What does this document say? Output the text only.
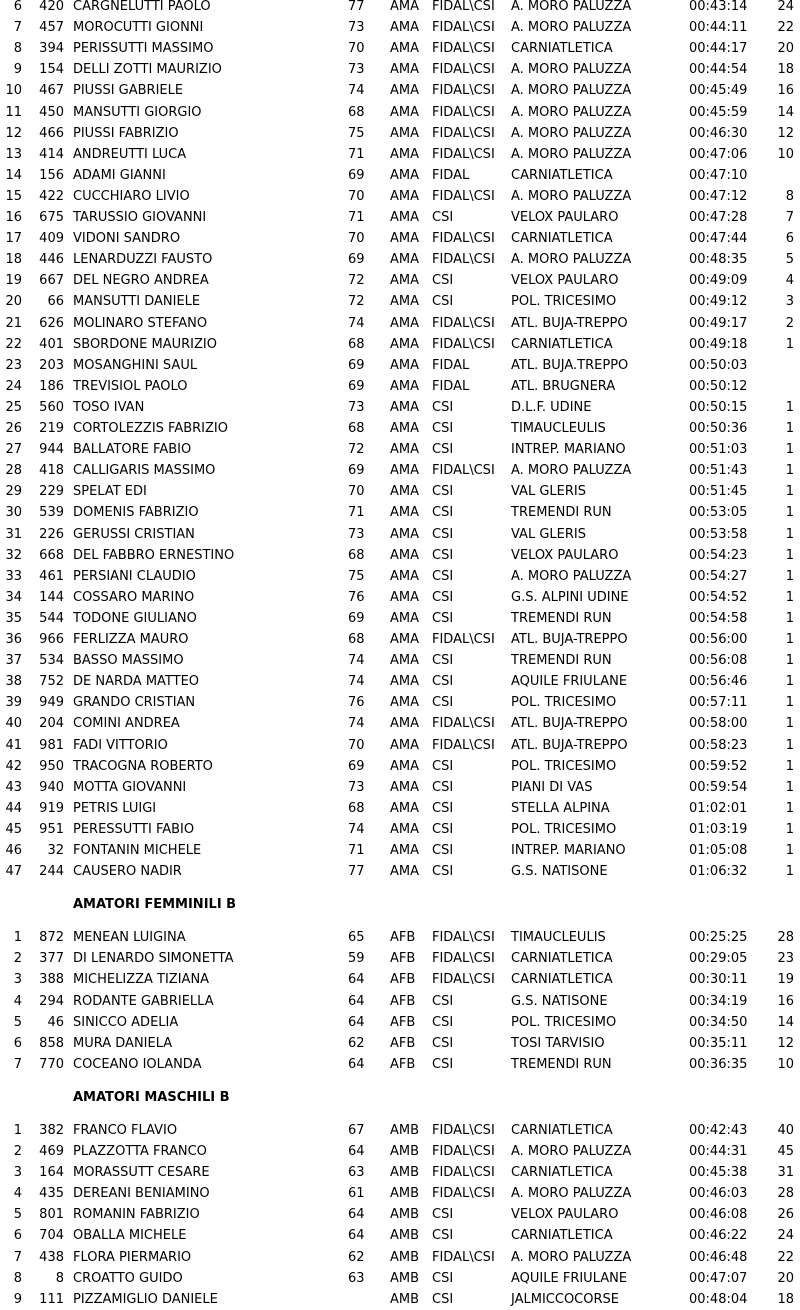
6 420 CARGNELUTTI PAOLO	77 AMA FIDAL\CSI A. MORO PALUZZA	00:43:14 24
7 457 MOROCUTTI GIONNI	73 AMA FIDAL\CSI A. MORO PALUZZA	00:44:11 22
8 394 PERISSUTTI MASSIMO	70 AMA FIDAL\CSI CARNIATLETICA	00:44:17 20
9 154 DELLI ZOTTI MAURIZIO	73 AMA FIDAL\CSI A. MORO PALUZZA	00:44:54 18
10 467 PIUSSI GABRIELE	74 AMA FIDAL\CSI A. MORO PALUZZA	00:45:49 16
11 450 MANSUTTI GIORGIO	68 AMA FIDAL\CSI A. MORO PALUZZA	00:45:59 14
12 466 PIUSSI FABRIZIO	75 AMA FIDAL\CSI A. MORO PALUZZA	00:46:30 12
13 414 ANDREUTTI LUCA	71 AMA FIDAL\CSI A. MORO PALUZZA	00:47:06 10
14 156 ADAMI GIANNI	69 AMA FIDAL	CARNIATLETICA	00:47:10
15 422 CUCCHIARO LIVIO	70 AMA FIDAL\CSI A. MORO PALUZZA	00:47:12	8
16 675 TARUSSIO GIOVANNI	71 AMA CSI	VELOX PAULARO	00:47:28	7
17 409 VIDONI SANDRO	70 AMA FIDAL\CSI CARNIATLETICA	00:47:44	6
18 446 LENARDUZZI FAUSTO	69 AMA FIDAL\CSI A. MORO PALUZZA	00:48:35	5
19 667 DEL NEGRO ANDREA	72 AMA CSI	VELOX PAULARO	00:49:09	4
20 66 MANSUTTI DANIELE	72 AMA CSI	POL. TRICESIMO	00:49:12	3
21 626 MOLINARO STEFANO	74 AMA FIDAL\CSI ATL. BUJA-TREPPO	00:49:17	2
22 401 SBORDONE MAURIZIO	68 AMA FIDAL\CSI CARNIATLETICA	00:49:18	1
23 203 MOSANGHINI SAUL	69 AMA FIDAL	ATL. BUJA.TREPPO	00:50:03
24 186 TREVISIOL PAOLO	69 AMA FIDAL	ATL. BRUGNERA	00:50:12
25 560 TOSO IVAN	73 AMA CSI	D.L.F. UDINE	00:50:15	1
26 219 CORTOLEZZIS FABRIZIO	68 AMA CSI	TIMAUCLEULIS	00:50:36	1
27 944 BALLATORE FABIO	72 AMA CSI	INTREP. MARIANO	00:51:03	1
28 418 CALLIGARIS MASSIMO	69 AMA FIDAL\CSI A. MORO PALUZZA	00:51:43	1
29 229 SPELAT EDI	70 AMA CSI	VAL GLERIS	00:51:45	1
30 539 DOMENIS FABRIZIO	71 AMA CSI	TREMENDI RUN	00:53:05	1
31 226 GERUSSI CRISTIAN	73 AMA CSI	VAL GLERIS	00:53:58	1
32 668 DEL FABBRO ERNESTINO	68 AMA CSI	VELOX PAULARO	00:54:23	1
33 461 PERSIANI CLAUDIO	75 AMA CSI	A. MORO PALUZZA	00:54:27	1
34 144 COSSARO MARINO	76 AMA CSI	G.S. ALPINI UDINE	00:54:52	1
35 544 TODONE GIULIANO	69 AMA CSI	TREMENDI RUN	00:54:58	1
36 966 FERLIZZA MAURO	68 AMA FIDAL\CSI ATL. BUJA-TREPPO	00:56:00	1
37 534 BASSO MASSIMO	74 AMA CSI	TREMENDI RUN	00:56:08	1
38 752 DE NARDA MATTEO	74 AMA CSI	AQUILE FRIULANE	00:56:46	1
39 949 GRANDO CRISTIAN	76 AMA CSI	POL. TRICESIMO	00:57:11	1
40 204 COMINI ANDREA	74 AMA FIDAL\CSI ATL. BUJA-TREPPO	00:58:00	1
41 981 FADI VITTORIO	70 AMA FIDAL\CSI ATL. BUJA-TREPPO	00:58:23	1
42 950 TRACOGNA ROBERTO	69 AMA CSI	POL. TRICESIMO	00:59:52	1
43 940 MOTTA GIOVANNI	73 AMA CSI	PIANI DI VAS	00:59:54	1
44 919 PETRIS LUIGI	68 AMA CSI	STELLA ALPINA	01:02:01	1
45 951 PERESSUTTI FABIO	74 AMA CSI	POL. TRICESIMO	01:03:19	1
46 32 FONTANIN MICHELE	71 AMA CSI	INTREP. MARIANO	01:05:08	1
47 244 CAUSERO NADIR	77 AMA CSI	G.S. NATISONE	01:06:32	1
AMATORI FEMMINILI B
1 872 MENEAN LUIGINA	65 AFB FIDAL\CSI TIMAUCLEULIS	00:25:25 28
2 377 DI LENARDO SIMONETTA	59 AFB FIDAL\CSI CARNIATLETICA	00:29:05 23
3 388 MICHELIZZA TIZIANA	64 AFB FIDAL\CSI CARNIATLETICA	00:30:11 19
4 294 RODANTE GABRIELLA	64 AFB CSI	G.S. NATISONE	00:34:19 16
5 46 SINICCO ADELIA	64 AFB CSI	POL. TRICESIMO	00:34:50 14
6 858 MURA DANIELA	62 AFB CSI	TOSI TARVISIO	00:35:11 12
7 770 COCEANO IOLANDA	64 AFB CSI	TREMENDI RUN	00:36:35 10
AMATORI MASCHILI B
1 382 FRANCO FLAVIO	67 AMB FIDAL\CSI CARNIATLETICA	00:42:43 40
2 469 PLAZZOTTA FRANCO	64 AMB FIDAL\CSI A. MORO PALUZZA	00:44:31 45
3 164 MORASSUTT CESARE	63 AMB FIDAL\CSI CARNIATLETICA	00:45:38 31
4 435 DEREANI BENIAMINO	61 AMB FIDAL\CSI A. MORO PALUZZA	00:46:03 28
5 801 ROMANIN FABRIZIO	64 AMB CSI	VELOX PAULARO	00:46:08 26
6 704 OBALLA MICHELE	64 AMB CSI	CARNIATLETICA	00:46:22 24
7 438 FLORA PIERMARIO	62 AMB FIDAL\CSI A. MORO PALUZZA	00:46:48 22
8	8 CROATTO GUIDO	63 AMB CSI	AQUILE FRIULANE	00:47:07 20
9 111 PIZZAMIGLIO DANIELE	AMB CSI	JALMICCOCORSE	00:48:04 18
